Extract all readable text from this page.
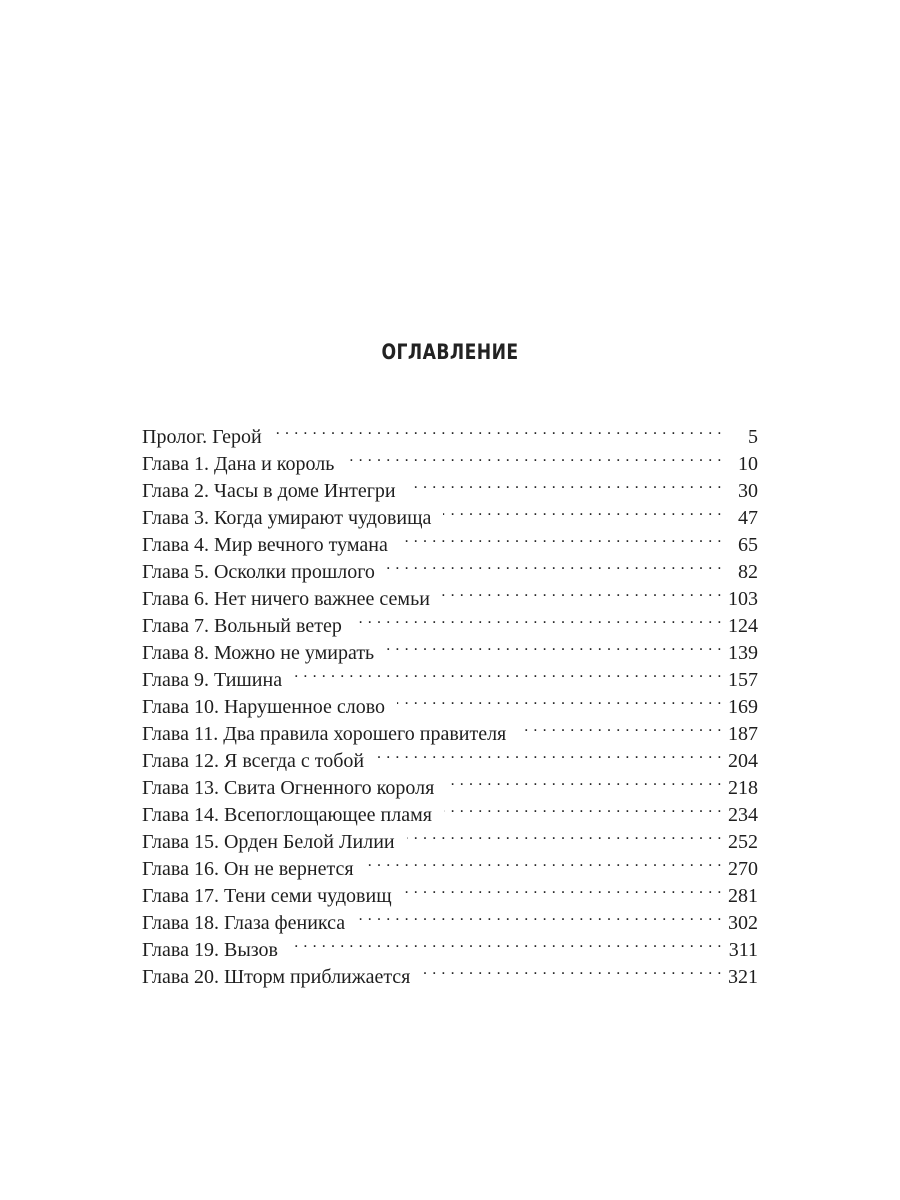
ОГЛАВЛЕНИЕ
Пролог. Герой . . .	5
Глава 1. Дана и король . . .	10
Глава 2. Часы в доме Интегри . . .	30
Глава 3. Когда умирают чудовища . . .	47
Глава 4. Мир вечного тумана . . .	65
Глава 5. Осколки прошлого . . .	82
Глава 6. Нет ничего важнее семьи . . .	103
Глава 7. Вольный ветер . . .	124
Глава 8. Можно не умирать . . .	139
Глава 9. Тишина . . .	157
Глава 10. Нарушенное слово . . .	169
Глава 11. Два правила хорошего правителя . . .	187
Глава 12. Я всегда с тобой . . .	204
Глава 13. Свита Огненного короля . . .	218
Глава 14. Всепоглощающее пламя . . .	234
Глава 15. Орден Белой Лилии . . .	252
Глава 16. Он не вернется . . .	270
Глава 17. Тени семи чудовищ . . .	281
Глава 18. Глаза феникса . . .	302
Глава 19. Вызов . . .	311
Глава 20. Шторм приближается . . .	321
